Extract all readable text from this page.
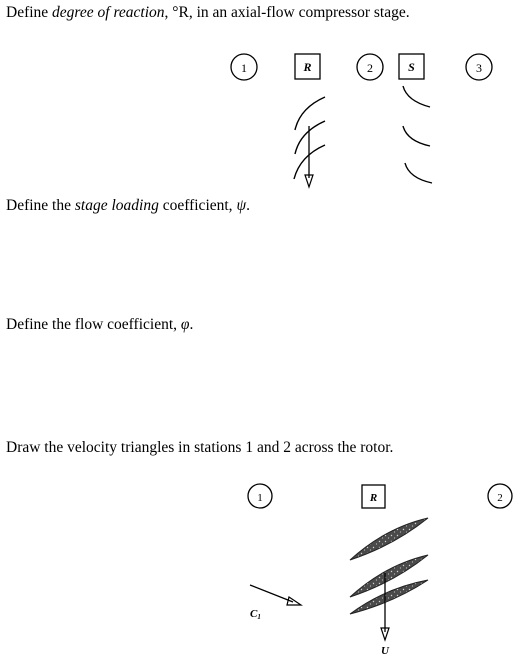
Define degree of reaction, °R, in an axial-flow compressor stage.
1	R	2	S	3
Define the stage loading coefficient, ψ.
Define the flow coefficient, φ.
Draw the velocity triangles in stations 1 and 2 across the rotor.
1	R	2
U
C1
